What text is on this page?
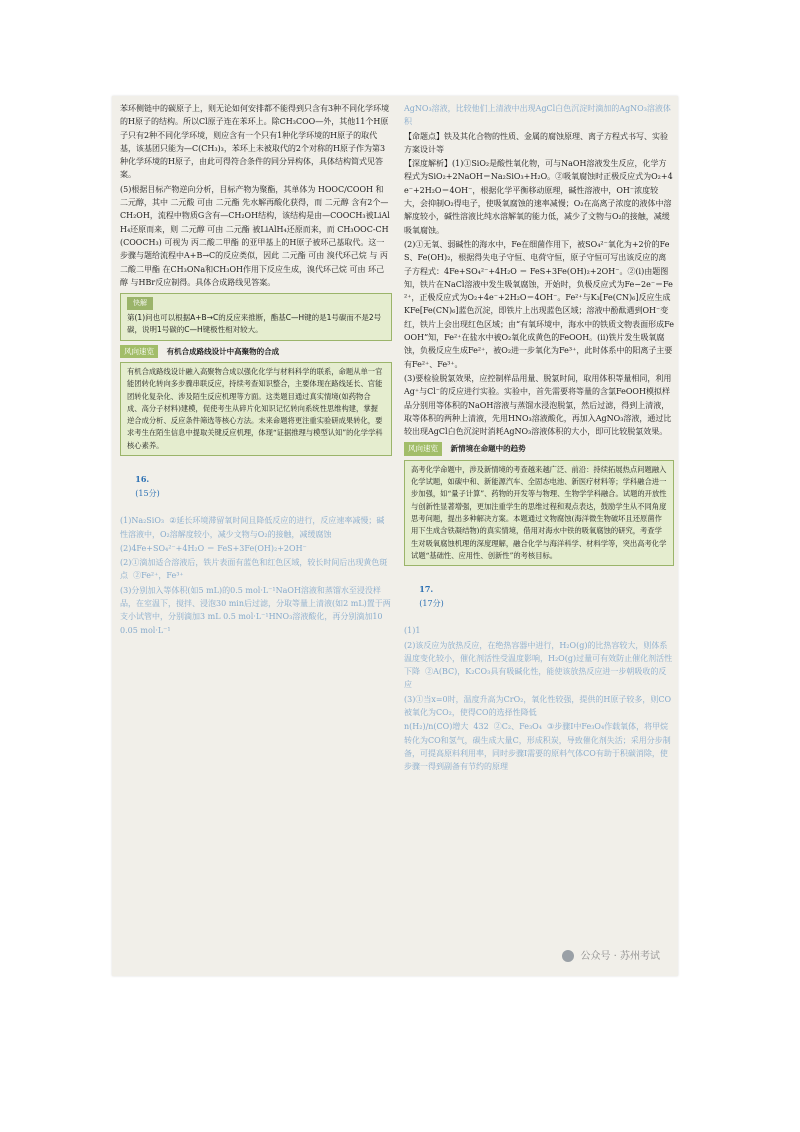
苯环侧链中的碳原子上，则无论如何安排都不能得到只含有3种不同化学环境的H原子的结构。所以Cl原子连在苯环上。除CH₃COO—外，其他11个H原子只有2种不同化学环境，则应含有一个只有1种化学环境的H原子的取代基，该基团只能为—C(CH₃)₃，苯环上未被取代的2个对称的H原子作为第3种化学环境的H原子，由此可得符合条件的同分异构体，具体结构简式见答案。

(5)根据目标产物逆向分析，目标产物为聚酯，其单体为 HOOC/COOH 和 二元醇，其中 二元酸 可由 二元酯 先水解再酸化获得，而 二元醇 含有2个—CH₂OH，流程中物质G含有—CH₂OH结构，该结构是由—COOCH₃被LiAlH₄还原而来，则 二元醇 可由 二元酯 被LiAlH₄还原而来，而 CH₃OOC-CH(COOCH₃) 可视为 丙二酸二甲酯 的亚甲基上的H原子被环己基取代。这一步骤与题给流程中A+B→C的反应类似，因此 二元酯 可由 溴代环己烷 与 丙二酸二甲酯 在CH₃ONa和CH₃OH作用下反应生成，溴代环己烷 可由 环己醇 与HBr反应制得。具体合成路线见答案。

快解
第(1)问也可以根据A+B→C的反应来推断，酯基C—H键的是1号碳而不是2号碳，说明1号碳的C—H键极性相对较大。
风向速览 有机合成路线设计中高聚物的合成
有机合成路线设计融入高聚物合成以强化化学与材料科学的联系，命题从单一官能团转化转向多步骤串联反应，持续考查知识整合，主要体现在路线延长、官能团转化复杂化、涉及陌生反应机理等方面。这类题目通过真实情境(如药物合成、高分子材料)建模，促使考生从碎片化知识记忆转向系统性思维构建，掌握逆合成分析、反应条件筛选等核心方法。未来命题将更注重实验研成果转化，要求考生在陌生信息中提取关键反应机理，体现“证据推理与模型认知”的化学学科核心素养。

16.
(15分)

(1)Na₂SiO₃  ②延长环境滞留氧时间且降低反应的进行，反应速率减慢；碱性溶液中，O₂溶解度较小，减少文物与O₂的接触，减缓腐蚀

(2)4Fe+SO₄²⁻+4H₂O ＝ FeS+3Fe(OH)₂+2OH⁻

(2)①滴加适合溶液后，铁片表面有蓝色和红色区域，较长时间后出现黄色斑点  ②Fe²⁺，Fe³⁺

(3)分别加入等体积(如5 mL)的0.5 mol·L⁻¹NaOH溶液和蒸馏水至浸没样品，在室温下，搅拌、浸泡30 min后过滤，分取等量上清液(如2 mL)置于两支小试管中，分别滴加3 mL 0.5 mol·L⁻¹HNO₃溶液酸化，再分别滴加10 0.05 mol·L⁻¹

AgNO₃溶液，比较他们上清液中出现AgCl白色沉淀时滴加的AgNO₃溶液体积

【命题点】铁及其化合物的性质、金属的腐蚀原理、离子方程式书写、实验方案设计等

【深度解析】(1)①SiO₂是酸性氧化物，可与NaOH溶液发生反应，化学方程式为SiO₂+2NaOH＝Na₂SiO₃+H₂O。②吸氧腐蚀时正极反应式为O₂+4e⁻+2H₂O＝4OH⁻，根据化学平衡移动原理，碱性溶液中，OH⁻浓度较大，会抑制O₂得电子，使吸氧腐蚀的速率减慢；O₂在高离子浓度的液体中溶解度较小，碱性溶液比纯水溶解氧的能力低，减少了文物与O₂的接触，减缓吸氧腐蚀。

(2)①无氧、弱碱性的海水中，Fe在细菌作用下，被SO₄²⁻氧化为+2价的FeS、Fe(OH)₂，根据得失电子守恒、电荷守恒，原子守恒可写出该反应的离子方程式：4Fe+SO₄²⁻+4H₂O ＝ FeS+3Fe(OH)₂+2OH⁻。②(ⅰ)由题图知，铁片在NaCl溶液中发生吸氧腐蚀，开始时，负极反应式为Fe−2e⁻＝Fe²⁺，正极反应式为O₂+4e⁻+2H₂O＝4OH⁻。Fe²⁺与K₃[Fe(CN)₆]反应生成KFe[Fe(CN)₆]蓝色沉淀，即铁片上出现蓝色区域；溶液中酚酞遇到OH⁻变红，铁片上会出现红色区域；由“有氧环境中，海水中的铁质文物表面形成FeOOH”知，Fe²⁺在盐水中被O₂氧化成黄色的FeOOH。(ⅱ)铁片发生吸氧腐蚀，负极反应生成Fe²⁺，被O₂进一步氧化为Fe³⁺，此时体系中的阳离子主要有Fe²⁺、Fe³⁺。

(3)要检验脱氯效果，应控制样品用量、脱氯时间，取用体积等量相同，利用Ag⁺与Cl⁻的反应进行实验。实验中，首先需要将等量的含氯FeOOH模拟样品分别用等体积的NaOH溶液与蒸馏水浸泡脱氯，然后过滤，得到上清液，取等体积的两种上清液，先用HNO₃溶液酸化，再加入AgNO₃溶液，通过比较出现AgCl白色沉淀时消耗AgNO₃溶液体积的大小，即可比较脱氯效果。

风向速览 新情境在命题中的趋势
高考化学命题中，涉及新情境的考查越来越广泛、前沿：持续拓展热点问题融入化学试题，如碳中和、新能源汽车、全固态电池、新医疗材料等；学科融合进一步加强，如“量子计算”、药物的开发等与物理、生物学学科融合。试题的开放性与创新性显著增强，更加注重学生的思维过程和观点表达，鼓励学生从不同角度思考问题，提出多种解决方案。本题通过文物腐蚀(海洋微生物破坏且还原菌作用下生成含铁凝结物)的真实情境，借用对海水中铁的吸氧腐蚀的研究，考查学生对吸氧腐蚀机理的深度理解，融合化学与海洋科学、材料学等，突出高考化学试题“基础性、应用性、创新性”的考核目标。

17.
(17分)

(1)1

(2)该反应为放热反应，在绝热容器中进行，H₂O(g)的比热容较大，则体系温度变化较小，催化剂活性受温度影响，H₂O(g)过量可有效防止催化剂活性下降  ②A(BC)，K₂CO₃具有吸碱化性，能使该放热反应进一步朝吸收的反应

(3)①当x=0时，温度升高为CrO₂，氧化性较强，提供的H原子较多，则CO被氧化为CO₂，使得CO的选择性降低

n(H₂)/n(CO)增大  432  ②C₂、Fe₃O₄  ③步骤Ⅰ中Fe₃O₄作载氧体，将甲烷转化为CO和氢气，碳生成大量C，形成积炭，导致催化剂失活；采用分步制备，可提高原料利用率，同时步骤Ⅰ需要的原料气体CO有助于积碳消除，使步骤一得到副备有节约的原理

公众号 · 苏州考试
